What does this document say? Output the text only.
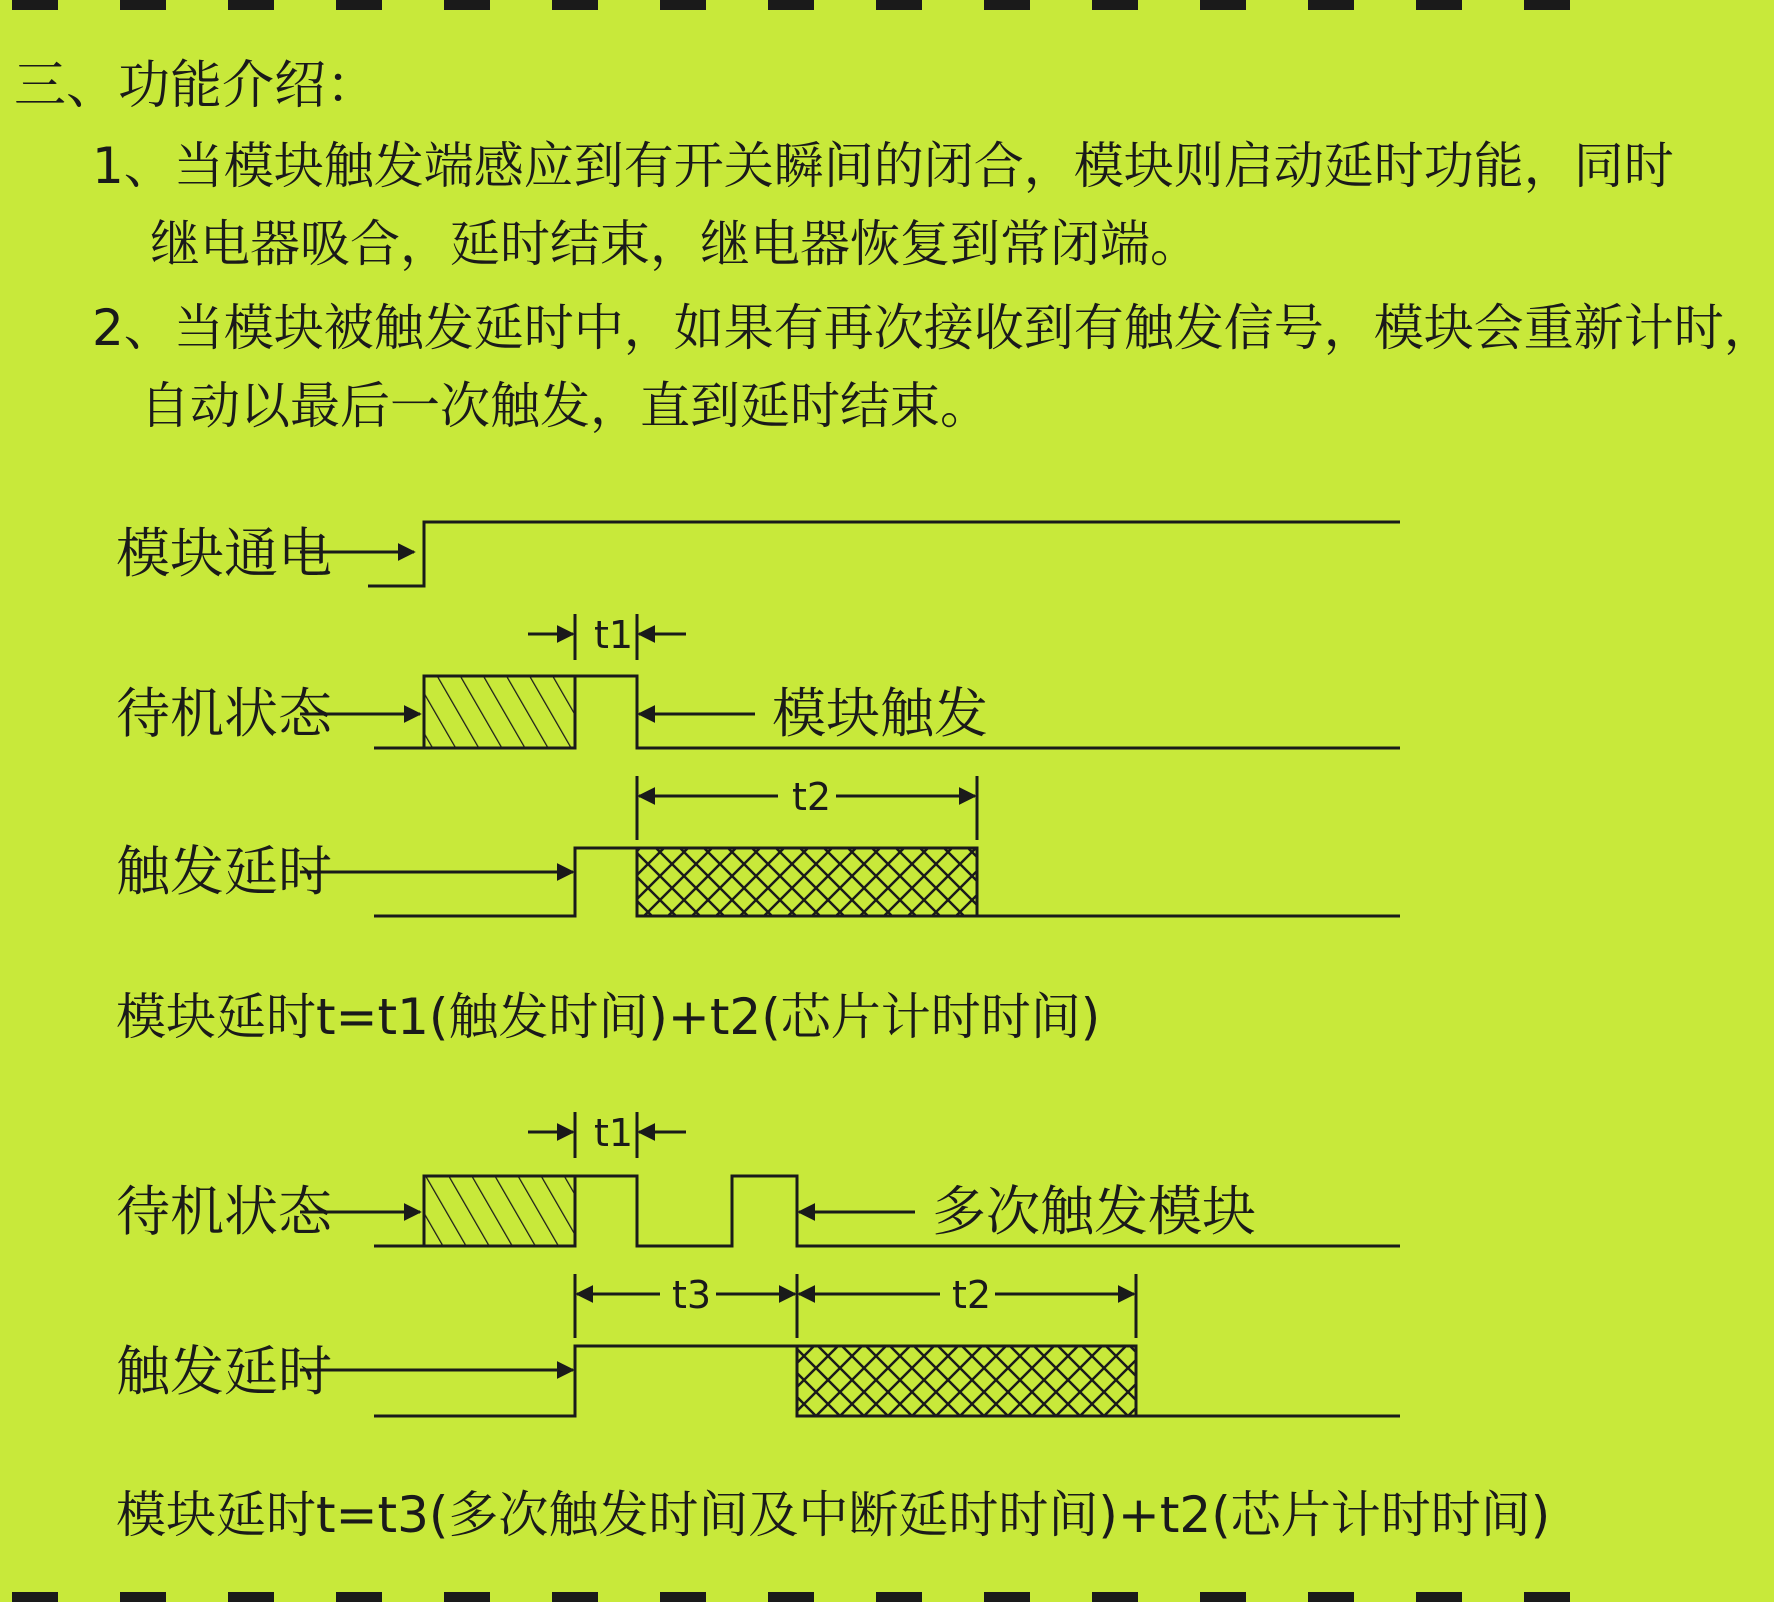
三、功能介绍：
1、当模块触发端感应到有开关瞬间的闭合，模块则启动延时功能，同时
继电器吸合，延时结束，继电器恢复到常闭端。
2、当模块被触发延时中，如果有再次接收到有触发信号，模块会重新计时，
自动以最后一次触发，直到延时结束。
模块通电
待机状态
触发延时
t1
t2
模块触发
模块延时t=t1(触发时间)+t2(芯片计时时间)
t1
待机状态	多次触发模块
t3	t2
触发延时
模块延时t=t3(多次触发时间及中断延时时间)+t2(芯片计时时间)
